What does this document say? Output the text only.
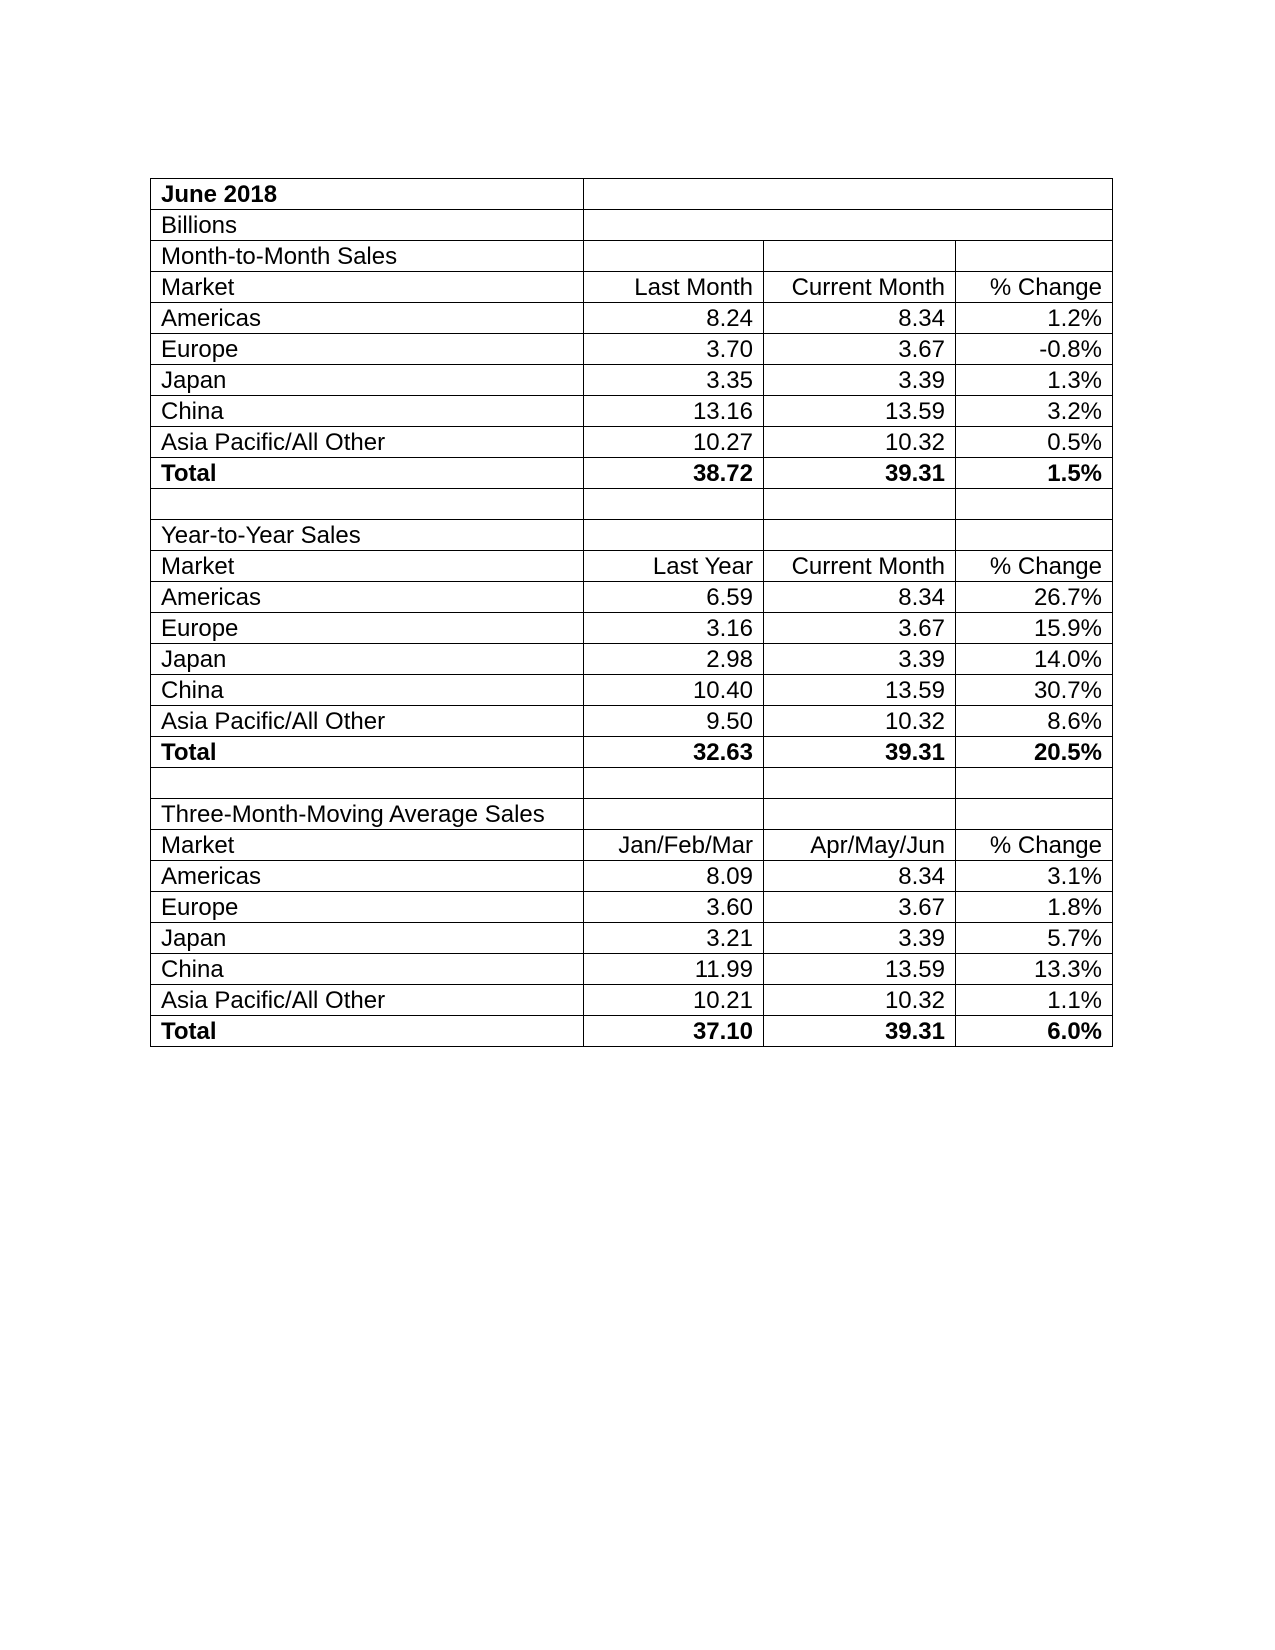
June 2018			
Billions			
Month-to-Month Sales			
Market	Last Month	Current Month	% Change
Americas	8.24	8.34	1.2%
Europe	3.70	3.67	-0.8%
Japan	3.35	3.39	1.3%
China	13.16	13.59	3.2%
Asia Pacific/All Other	10.27	10.32	0.5%
Total	38.72	39.31	1.5%

Year-to-Year Sales			
Market	Last Year	Current Month	% Change
Americas	6.59	8.34	26.7%
Europe	3.16	3.67	15.9%
Japan	2.98	3.39	14.0%
China	10.40	13.59	30.7%
Asia Pacific/All Other	9.50	10.32	8.6%
Total	32.63	39.31	20.5%

Three-Month-Moving Average Sales			
Market	Jan/Feb/Mar	Apr/May/Jun	% Change
Americas	8.09	8.34	3.1%
Europe	3.60	3.67	1.8%
Japan	3.21	3.39	5.7%
China	11.99	13.59	13.3%
Asia Pacific/All Other	10.21	10.32	1.1%
Total	37.10	39.31	6.0%
